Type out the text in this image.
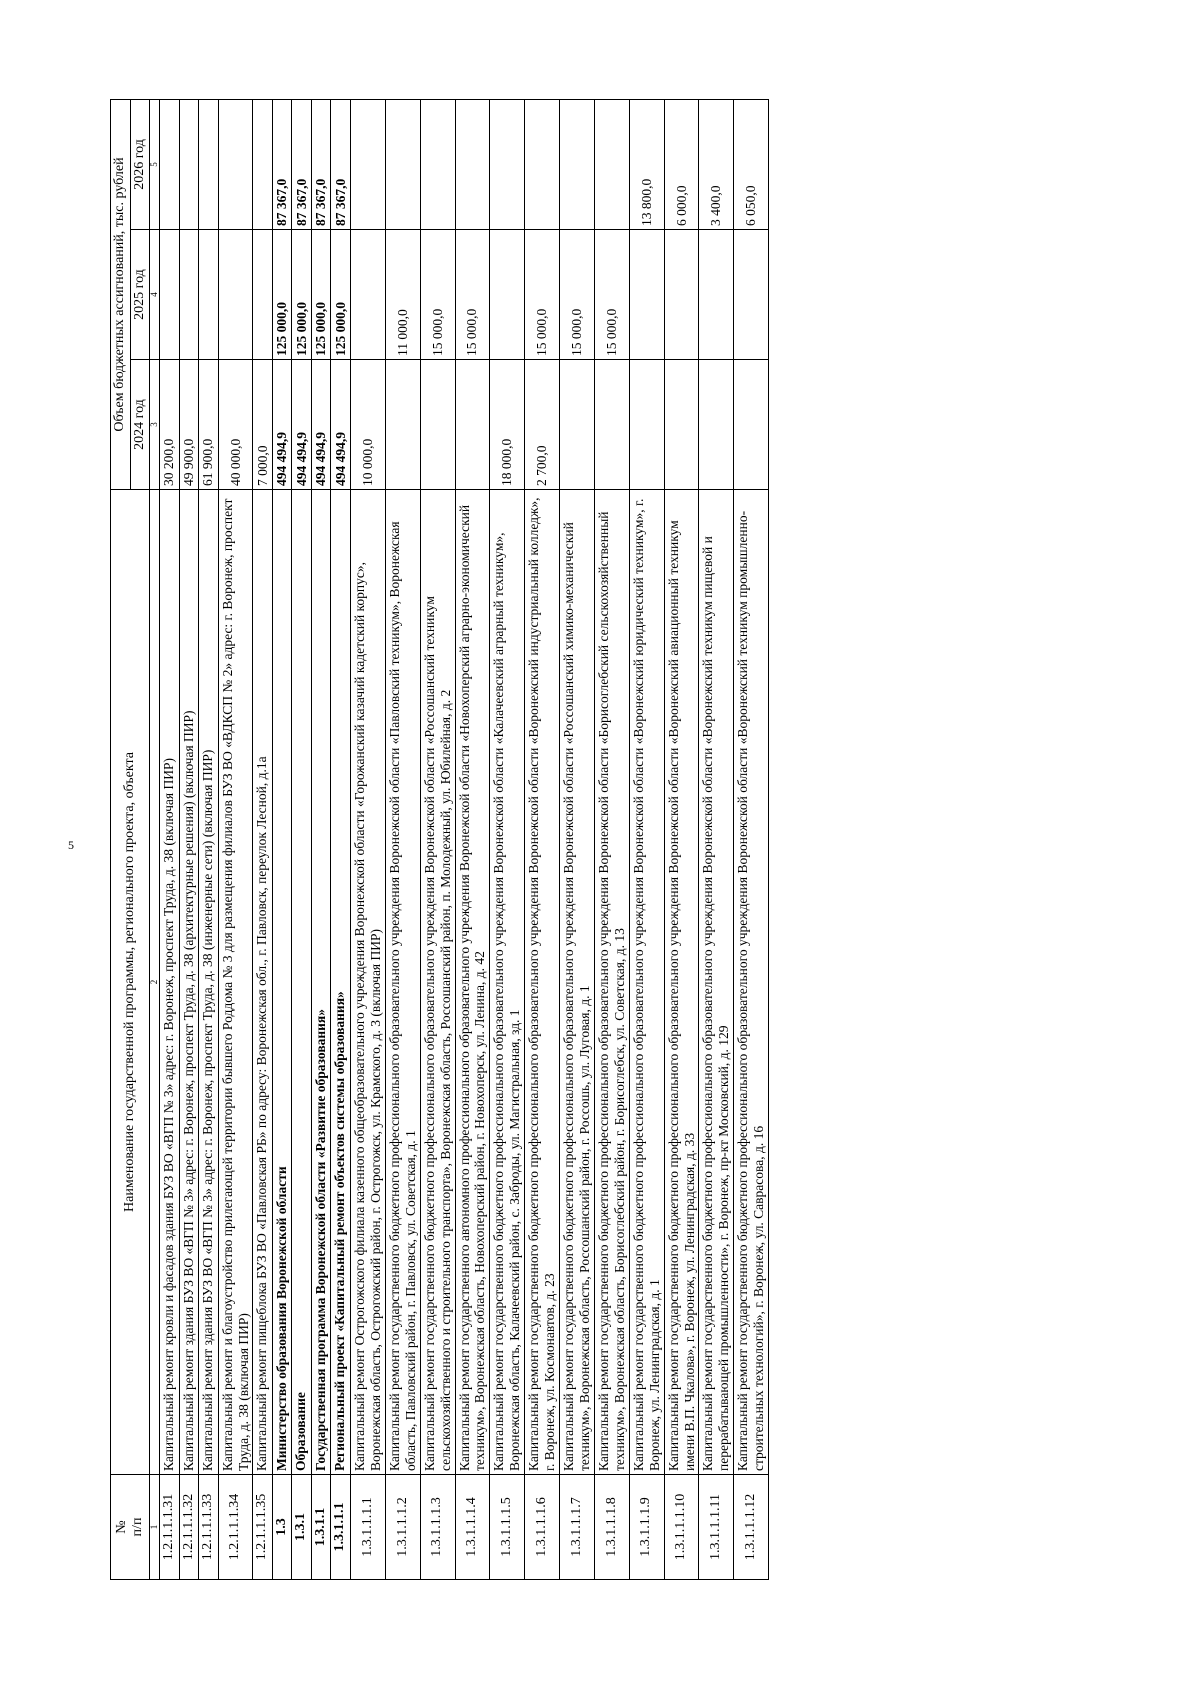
5
№
п/п	Наименование государственной программы, регионального проекта, объекта	Объем бюджетных ассигнований, тыс. рублей		
		2024 год	2025 год	2026 год
1	2	3	4	5
1.2.1.1.1.31	Капитальный ремонт кровли и фасадов здания БУЗ ВО «ВГП № 3» адрес: г. Воронеж, проспект Труда, д. 38 (включая ПИР)	30 200,0		
1.2.1.1.1.32	Капитальный ремонт здания БУЗ ВО «ВГП № 3» адрес: г. Воронеж, проспект Труда, д. 38 (архитектурные решения) (включая ПИР)	49 900,0		
1.2.1.1.1.33	Капитальный ремонт здания БУЗ ВО «ВГП № 3» адрес: г. Воронеж, проспект Труда, д. 38 (инженерные сети) (включая ПИР)	61 900,0		
1.2.1.1.1.34	Капитальный ремонт и благоустройство прилегающей территории бывшего Роддома № 3 для размещения филиалов БУЗ ВО «ВДКСП № 2» адрес: г. Воронеж, проспект Труда, д. 38 (включая ПИР)	40 000,0		
1.2.1.1.1.35	Капитальный ремонт пищеблока БУЗ ВО «Павловская РБ» по адресу: Воронежская обл., г. Павловск, переулок Лесной, д.1а	7 000,0		
1.3	Министерство образования Воронежской области	494 494,9	125 000,0	87 367,0
1.3.1	Образование	494 494,9	125 000,0	87 367,0
1.3.1.1	Государственная программа Воронежской области «Развитие образования»	494 494,9	125 000,0	87 367,0
1.3.1.1.1	Региональный проект «Капитальный ремонт объектов системы образования»	494 494,9	125 000,0	87 367,0
1.3.1.1.1.1	Капитальный ремонт Острогожского филиала казенного общеобразовательного учреждения Воронежской области «Горожанский казачий кадетский корпус», Воронежская область, Острогожский район, г. Острогожск, ул. Крамского, д. 3 (включая ПИР)	10 000,0		
1.3.1.1.1.2	Капитальный ремонт государственного бюджетного профессионального образовательного учреждения Воронежской области «Павловский техникум», Воронежская область, Павловский район, г. Павловск, ул. Советская, д. 1		11 000,0	
1.3.1.1.1.3	Капитальный ремонт государственного бюджетного профессионального образовательного учреждения Воронежской области «Россошанский техникум сельскохозяйственного и строительного транспорта», Воронежская область, Россошанский район, п. Молодежный, ул. Юбилейная, д. 2		15 000,0	
1.3.1.1.1.4	Капитальный ремонт государственного автономного профессионального образовательного учреждения Воронежской области «Новохоперский аграрно-экономический техникум», Воронежская область, Новохоперский район, г. Новохоперск, ул. Ленина, д. 42		15 000,0	
1.3.1.1.1.5	Капитальный ремонт государственного бюджетного профессионального образовательного учреждения Воронежской области «Калачеевский аграрный техникум», Воронежская область, Калачеевский район, с. Заброды, ул. Магистральная, зд. 1	18 000,0		
1.3.1.1.1.6	Капитальный ремонт государственного бюджетного профессионального образовательного учреждения Воронежской области «Воронежский индустриальный колледж», г. Воронеж, ул. Космонавтов, д. 23	2 700,0	15 000,0	
1.3.1.1.1.7	Капитальный ремонт государственного бюджетного профессионального образовательного учреждения Воронежской области «Россошанский химико-механический техникум», Воронежская область, Россошанский район, г. Россошь, ул. Луговая, д. 1		15 000,0	
1.3.1.1.1.8	Капитальный ремонт государственного бюджетного профессионального образовательного учреждения Воронежской области «Борисоглебский сельскохозяйственный техникум», Воронежская область, Борисоглебский район, г. Борисоглебск, ул. Советская, д. 13		15 000,0	
1.3.1.1.1.9	Капитальный ремонт государственного бюджетного профессионального образовательного учреждения Воронежской области «Воронежский юридический техникум», г. Воронеж, ул. Ленинградская, д. 1			13 800,0
1.3.1.1.1.10	Капитальный ремонт государственного бюджетного профессионального образовательного учреждения Воронежской области «Воронежский авиационный техникум имени В.П. Чкалова», г. Воронеж, ул. Ленинградская, д. 33			6 000,0
1.3.1.1.1.11	Капитальный ремонт государственного бюджетного профессионального образовательного учреждения Воронежской области «Воронежский техникум пищевой и перерабатывающей промышленности», г. Воронеж, пр-кт Московский, д. 129			3 400,0
1.3.1.1.1.12	Капитальный ремонт государственного бюджетного профессионального образовательного учреждения Воронежской области «Воронежский техникум промышленно-строительных технологий», г. Воронеж, ул. Саврасова, д. 16			6 050,0
